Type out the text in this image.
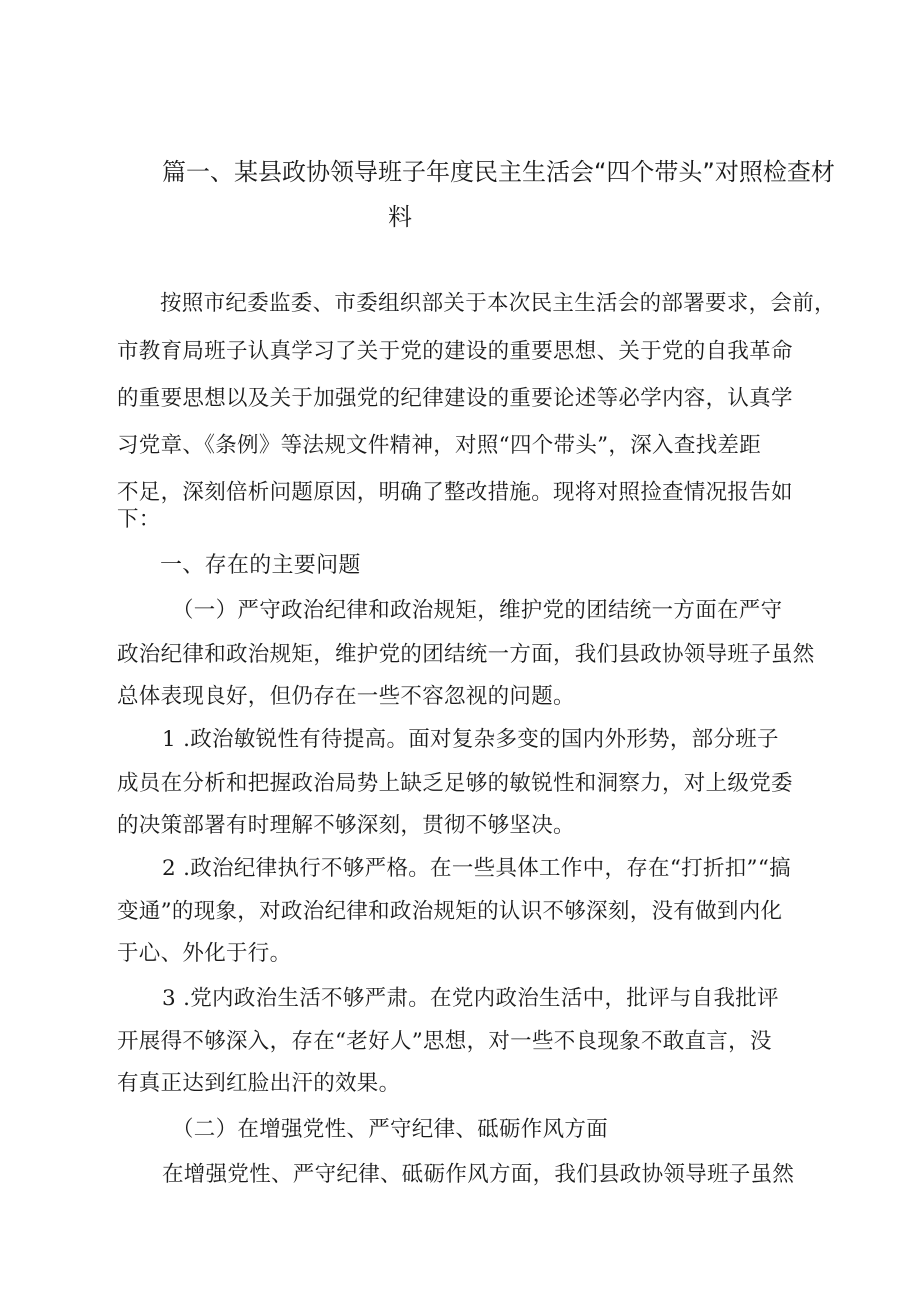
篇一、某县政协领导班子年度民主生活会“四个带头”对照检查材
料
按照市纪委监委、市委组织部关于本次民主生活会的部署要求，会前，
市教育局班子认真学习了关于党的建设的重要思想、关于党的自我革命
的重要思想以及关于加强党的纪律建设的重要论述等必学内容，认真学
习党章、《条例》等法规文件精神，对照“四个带头”，深入查找差距
不足，深刻倍析问题原因，明确了整改措施。现将对照捡查情况报告如
下：
一、存在的主要问题
（一）严守政治纪律和政治规矩，维护党的团结统一方面在严守
政治纪律和政治规矩，维护党的团结统一方面，我们县政协领导班子虽然
总体表现良好，但仍存在一些不容忽视的问题。
1 .政治敏锐性有待提高。面对复杂多变的国内外形势，部分班子
成员在分析和把握政治局势上缺乏足够的敏锐性和洞察力，对上级党委
的决策部署有时理解不够深刻，贯彻不够坚决。
2 .政治纪律执行不够严格。在一些具体工作中，存在“打折扣”“搞
变通”的现象，对政治纪律和政治规矩的认识不够深刻，没有做到内化
于心、外化于行。
3 .党内政治生活不够严肃。在党内政治生活中，批评与自我批评
开展得不够深入，存在“老好人”思想，对一些不良现象不敢直言，没
有真正达到红脸出汗的效果。
（二）在增强党性、严守纪律、砥砺作风方面
在增强党性、严守纪律、砥砺作风方面，我们县政协领导班子虽然
